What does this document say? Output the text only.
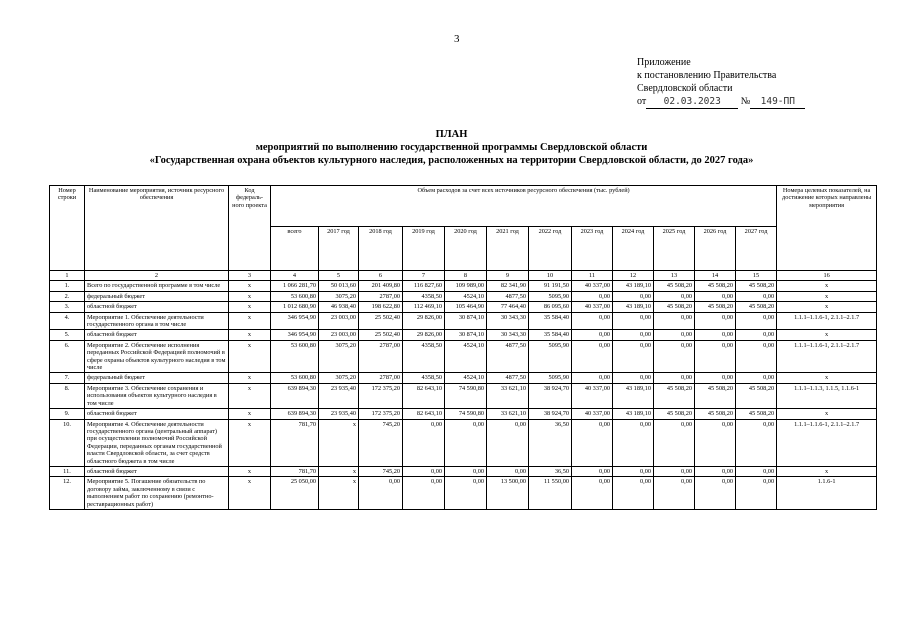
3
Приложение
к постановлению Правительства
Свердловской области
от 02.03.2023 № 149-ПП
ПЛАН
мероприятий по выполнению государственной программы Свердловской области
«Государственная охрана объектов культурного наследия, расположенных на территории Свердловской области, до 2027 года»
Номер строки	Наименование мероприятия, источник ресурсного обеспечения	Код федераль-ного проекта	Объем расходов за счет всех источников ресурсного обеспечения (тыс. рублей)												Номера целевых показателей, на достижение которых направлены мероприятия
			всего	2017 год	2018 год	2019 год	2020 год	2021 год	2022 год	2023 год	2024 год	2025 год	2026 год	2027 год	
1	2	3	4	5	6	7	8	9	10	11	12	13	14	15	16
1.	Всего по государственной программе в том числе	x	1 066 281,70	50 013,60	201 409,80	116 827,60	109 989,00	82 341,90	91 191,50	40 337,00	43 189,10	45 508,20	45 508,20	45 508,20	x
2.	федеральный бюджет	x	53 600,80	3075,20	2787,00	4358,50	4524,10	4877,50	5095,90	0,00	0,00	0,00	0,00	0,00	x
3.	областной бюджет	x	1 012 680,90	46 938,40	198 622,80	112 469,10	105 464,90	77 464,40	86 095,60	40 337,00	43 189,10	45 508,20	45 508,20	45 508,20	x
4.	Мероприятие 1. Обеспечение деятельности государственного органа в том числе	x	346 954,90	23 003,00	25 502,40	29 826,00	30 874,10	30 343,30	35 584,40	0,00	0,00	0,00	0,00	0,00	1.1.1–1.1.6-1, 2.1.1–2.1.7
5.	областной бюджет	x	346 954,90	23 003,00	25 502,40	29 826,00	30 874,10	30 343,30	35 584,40	0,00	0,00	0,00	0,00	0,00	x
6.	Мероприятие 2. Обеспечение исполнения переданных Российской Федерацией полномочий в сфере охраны объектов культурного наследия в том числе	x	53 600,80	3075,20	2787,00	4358,50	4524,10	4877,50	5095,90	0,00	0,00	0,00	0,00	0,00	1.1.1–1.1.6-1, 2.1.1–2.1.7
7.	федеральный бюджет	x	53 600,80	3075,20	2787,00	4358,50	4524,10	4877,50	5095,90	0,00	0,00	0,00	0,00	0,00	x
8.	Мероприятие 3. Обеспечение сохранения и использования объектов культурного наследия в том числе	x	639 894,30	23 935,40	172 375,20	82 643,10	74 590,80	33 621,10	38 924,70	40 337,00	43 189,10	45 508,20	45 508,20	45 508,20	1.1.1–1.1.3, 1.1.5, 1.1.6-1
9.	областной бюджет	x	639 894,30	23 935,40	172 375,20	82 643,10	74 590,80	33 621,10	38 924,70	40 337,00	43 189,10	45 508,20	45 508,20	45 508,20	x
10.	Мероприятие 4. Обеспечение деятельности государственного органа (центральный аппарат) при осуществлении полномочий Российской Федерации, переданных органам государственной власти Свердловской области, за счет средств областного бюджета в том числе	x	781,70	x	745,20	0,00	0,00	0,00	36,50	0,00	0,00	0,00	0,00	0,00	1.1.1–1.1.6-1, 2.1.1–2.1.7
11.	областной бюджет	x	781,70	x	745,20	0,00	0,00	0,00	36,50	0,00	0,00	0,00	0,00	0,00	x
12.	Мероприятие 5. Погашение обязательств по договору займа, заключенному в связи с выполнением работ по сохранению (ремонтно-реставрационных работ)	x	25 050,00	x	0,00	0,00	0,00	13 500,00	11 550,00	0,00	0,00	0,00	0,00	0,00	1.1.6-1
